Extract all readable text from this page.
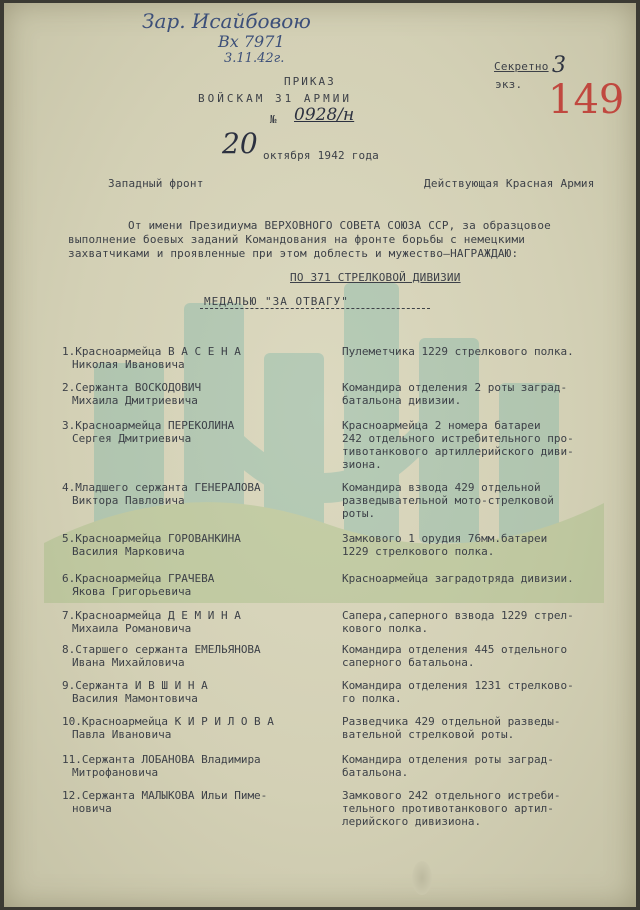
Зар. Исайбовою
Вх 7971
3.11.42г.
Секретно
экз.
3
149
ПРИКАЗ
ВОЙСКАМ 31 АРМИИ
№ 0928/н
20 октября 1942 года
Западный фронт	Действующая Красная Армия
От имени Президиума ВЕРХОВНОГО СОВЕТА СОЮЗА ССР, за образцовое
выполнение боевых заданий Командования на фронте борьбы с немецкими
захватчиками и проявленные при этом доблесть и мужество–НАГРАЖДАЮ:
ПО 371 СТРЕЛКОВОЙ ДИВИЗИИ
МЕДАЛЬЮ "ЗА ОТВАГУ"
1.Красноармейца В А С Е Н А
Николая Ивановича
Пулеметчика 1229 стрелкового полка.
2.Сержанта ВОСКОДОВИЧ
Михаила Дмитриевича
Командира отделения 2 роты заград-
батальона дивизии.
3.Красноармейца ПЕРЕКОЛИНА
Сергея Дмитриевича
Красноармейца 2 номера батареи
242 отдельного истребительного про-
тивотанкового артиллерийского диви-
зиона.
4.Младшего сержанта ГЕНЕРАЛОВА
Виктора Павловича
Командира взвода 429 отдельной
разведывательной мото-стрелковой
роты.
5.Красноармейца ГОРОВАНКИНА
Василия Марковича
Замкового 1 орудия 76мм.батареи
1229 стрелкового полка.
6.Красноармейца ГРАЧЕВА
Якова Григорьевича
Красноармейца заградотряда дивизии.
7.Красноармейца Д Е М И Н А
Михаила Романовича
Сапера,саперного взвода 1229 стрел-
кового полка.
8.Старшего сержанта ЕМЕЛЬЯНОВА
Ивана Михайловича
Командира отделения 445 отдельного
саперного батальона.
9.Сержанта И В Ш И Н А
Василия Мамонтовича
Командира отделения 1231 стрелково-
го полка.
10.Красноармейца К И Р И Л О В А
Павла Ивановича
Разведчика 429 отдельной разведы-
вательной стрелковой роты.
11.Сержанта ЛОБАНОВА Владимира
Митрофановича
Командира отделения роты заград-
батальона.
12.Сержанта МАЛЫКОВА Ильи Пиме-
новича
Замкового 242 отдельного истреби-
тельного противотанкового артил-
лерийского дивизиона.
